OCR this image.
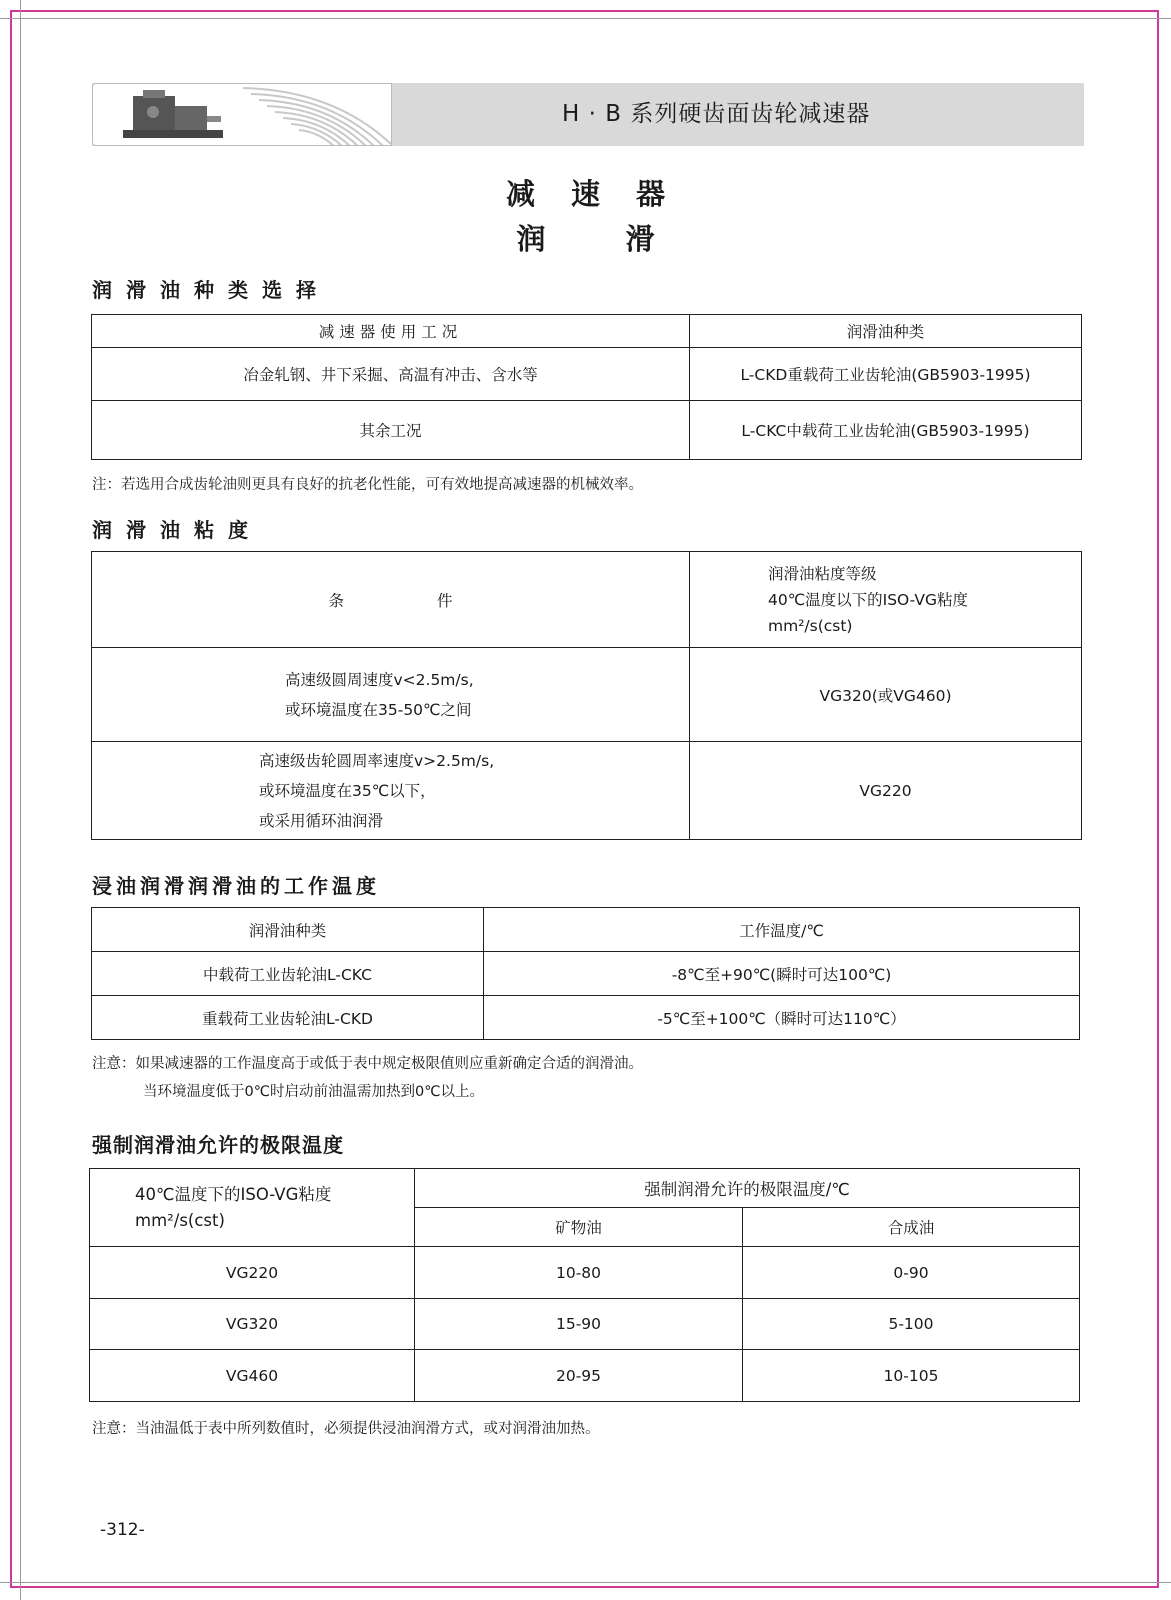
H · B 系列硬齿面齿轮减速器
减速器
润滑
润滑油种类选择
减速器使用工况	润滑油种类
冶金轧钢、井下采掘、高温有冲击、含水等	L-CKD重载荷工业齿轮油(GB5903-1995)
其余工况	L-CKC中载荷工业齿轮油(GB5903-1995)
注：若选用合成齿轮油则更具有良好的抗老化性能，可有效地提高减速器的机械效率。
润滑油粘度
条　　　　　　件	润滑油粘度等级
40℃温度以下的ISO-VG粘度
mm²/s(cst)

高速级圆周速度v<2.5m/s,
或环境温度在35-50℃之间	VG320(或VG460)

高速级齿轮圆周率速度v>2.5m/s,
或环境温度在35℃以下，
或采用循环油润滑	VG220
浸油润滑润滑油的工作温度
润滑油种类	工作温度/℃
中载荷工业齿轮油L-CKC	-8℃至+90℃(瞬时可达100℃)
重载荷工业齿轮油L-CKD	-5℃至+100℃（瞬时可达110℃）
注意：如果减速器的工作温度高于或低于表中规定极限值则应重新确定合适的润滑油。
当环境温度低于0℃时启动前油温需加热到0℃以上。
强制润滑油允许的极限温度
40℃温度下的ISO-VG粘度
mm²/s(cst)	强制润滑允许的极限温度/℃	
	矿物油	合成油
VG220	10-80	0-90
VG320	15-90	5-100
VG460	20-95	10-105
注意：当油温低于表中所列数值时，必须提供浸油润滑方式，或对润滑油加热。
-312-
